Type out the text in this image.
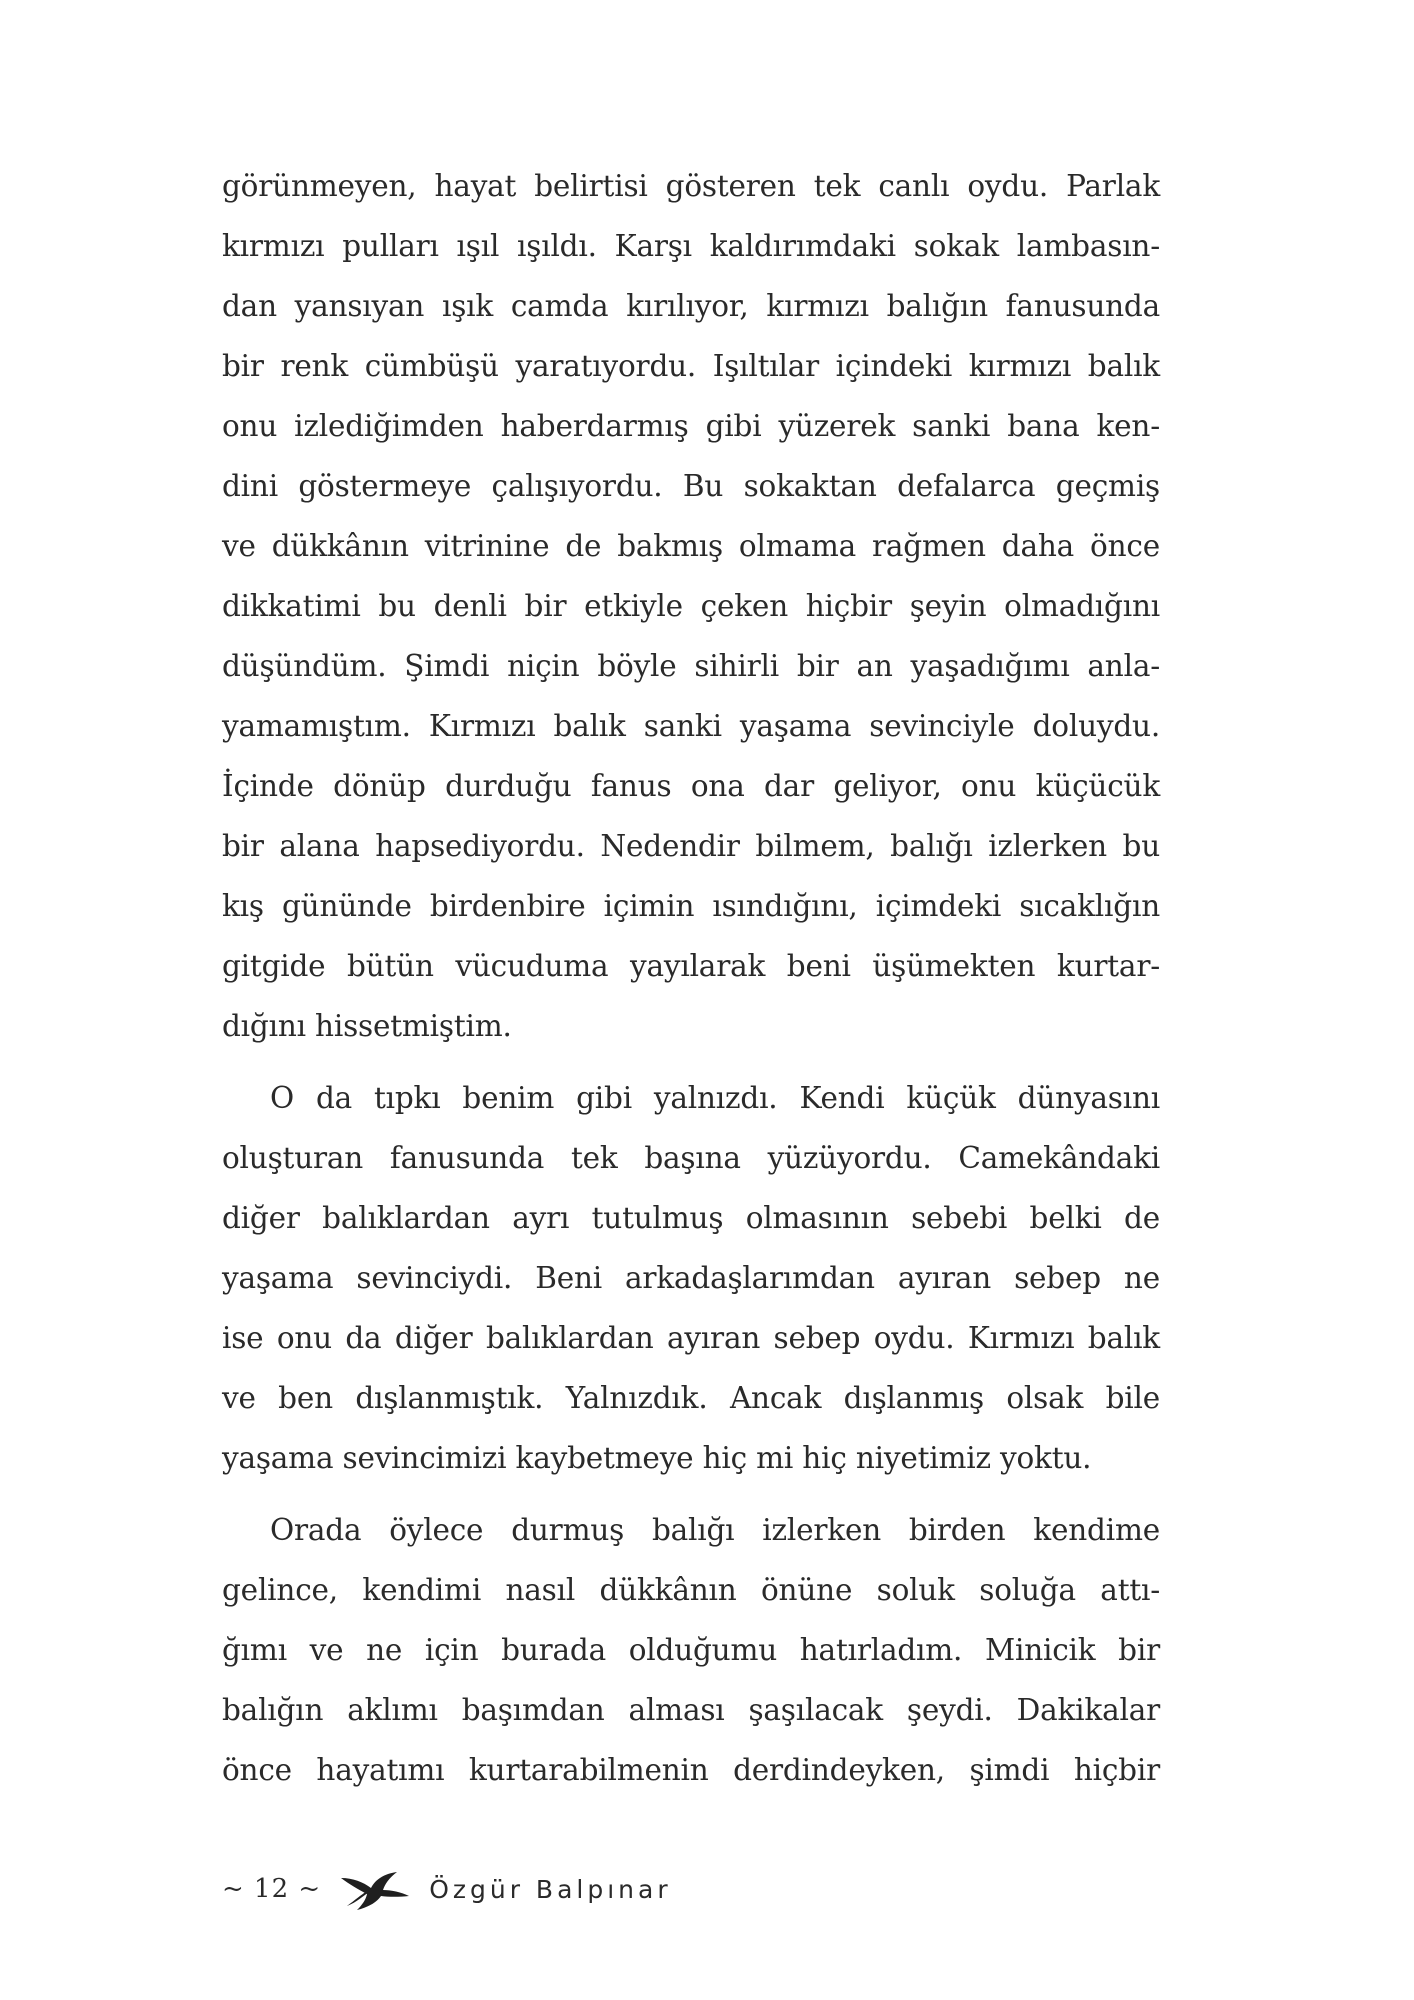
görünmeyen, hayat belirtisi gösteren tek canlı oydu. Parlak
kırmızı pulları ışıl ışıldı. Karşı kaldırımdaki sokak lambasın-
dan yansıyan ışık camda kırılıyor, kırmızı balığın fanusunda
bir renk cümbüşü yaratıyordu. Işıltılar içindeki kırmızı balık
onu izlediğimden haberdarmış gibi yüzerek sanki bana ken-
dini göstermeye çalışıyordu. Bu sokaktan defalarca geçmiş
ve dükkânın vitrinine de bakmış olmama rağmen daha önce
dikkatimi bu denli bir etkiyle çeken hiçbir şeyin olmadığını
düşündüm. Şimdi niçin böyle sihirli bir an yaşadığımı anla-
yamamıştım. Kırmızı balık sanki yaşama sevinciyle doluydu.
İçinde dönüp durduğu fanus ona dar geliyor, onu küçücük
bir alana hapsediyordu. Nedendir bilmem, balığı izlerken bu
kış gününde birdenbire içimin ısındığını, içimdeki sıcaklığın
gitgide bütün vücuduma yayılarak beni üşümekten kurtar-
dığını hissetmiştim.
O da tıpkı benim gibi yalnızdı. Kendi küçük dünyasını
oluşturan fanusunda tek başına yüzüyordu. Camekândaki
diğer balıklardan ayrı tutulmuş olmasının sebebi belki de
yaşama sevinciydi. Beni arkadaşlarımdan ayıran sebep ne
ise onu da diğer balıklardan ayıran sebep oydu. Kırmızı balık
ve ben dışlanmıştık. Yalnızdık. Ancak dışlanmış olsak bile
yaşama sevincimizi kaybetmeye hiç mi hiç niyetimiz yoktu.
Orada öylece durmuş balığı izlerken birden kendime
gelince, kendimi nasıl dükkânın önüne soluk soluğa attı-
ğımı ve ne için burada olduğumu hatırladım. Minicik bir
balığın aklımı başımdan alması şaşılacak şeydi. Dakikalar
önce hayatımı kurtarabilmenin derdindeyken, şimdi hiçbir
~ 12 ~	Özgür Balpınar
